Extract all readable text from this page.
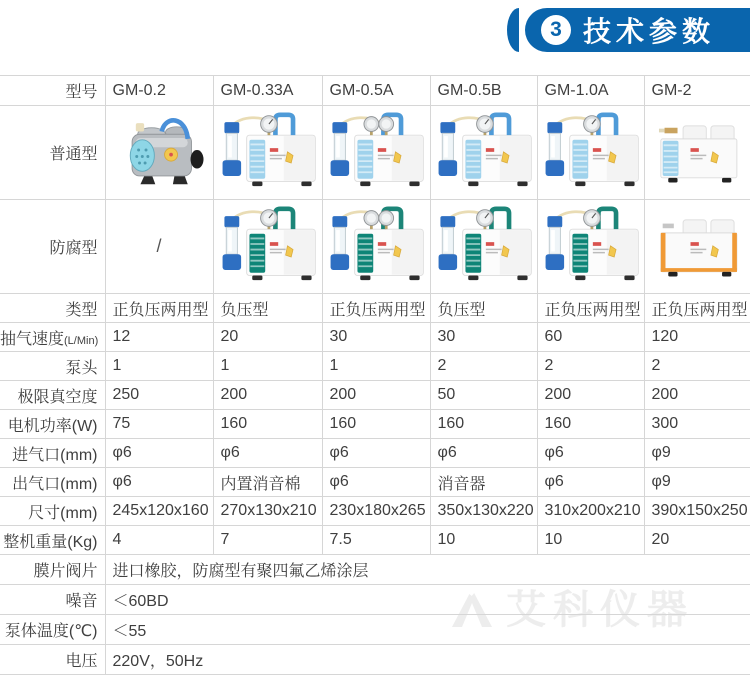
3 技术参数
艾科仪器
型号	GM-0.2	GM-0.33A	GM-0.5A	GM-0.5B	GM-1.0A	GM-2
普通型						
防腐型	/					
类型	正负压两用型	负压型	正负压两用型	负压型	正负压两用型	正负压两用型
抽气速度(L/Min)	12	20	30	30	60	120
泵头	1	1	1	2	2	2
极限真空度	250	200	200	50	200	200
电机功率(W)	75	160	160	160	160	300
进气口(mm)	φ6	φ6	φ6	φ6	φ6	φ9
出气口(mm)	φ6	内置消音棉	φ6	消音器	φ6	φ9
尺寸(mm)	245x120x160	270x130x210	230x180x265	350x130x220	310x200x210	390x150x250
整机重量(Kg)	4	7	7.5	10	10	20
膜片阀片	进口橡胶，防腐型有聚四氟乙烯涂层					
噪音	＜60BD					
泵体温度(℃)	＜55					
电压	220V，50Hz					
